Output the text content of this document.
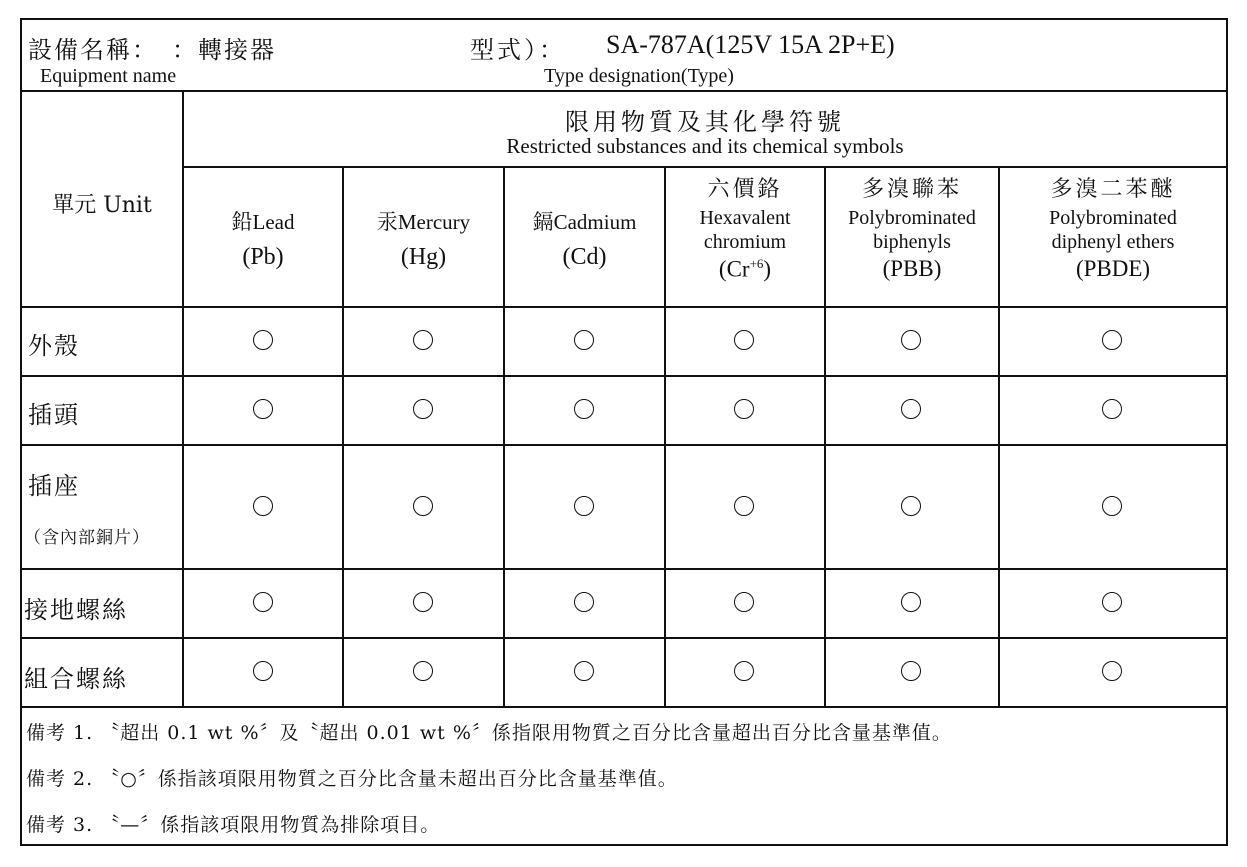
設備名稱： ：轉接器
Equipment name
型式）： SA-787A(125V 15A 2P+E)
Type designation(Type)
限用物質及其化學符號
Restricted substances and its chemical symbols
單元 Unit
鉛Lead
(Pb)
汞Mercury
(Hg)
鎘Cadmium
(Cd)
六價鉻
Hexavalent
chromium
$(Cr^{+6})$
多溴聯苯
Polybrominated
biphenyls
(PBB)
多溴二苯醚
Polybrominated
diphenyl ethers
(PBDE)
外殼
插頭
插座
（含內部銅片）
接地螺絲
組合螺絲
備考 1. 〝超出 0.1 wt %〞及〝超出 0.01 wt %〞係指限用物質之百分比含量超出百分比含量基準值。
備考 2. 〝○〞係指該項限用物質之百分比含量未超出百分比含量基準值。
備考 3. 〝—〞係指該項限用物質為排除項目。
